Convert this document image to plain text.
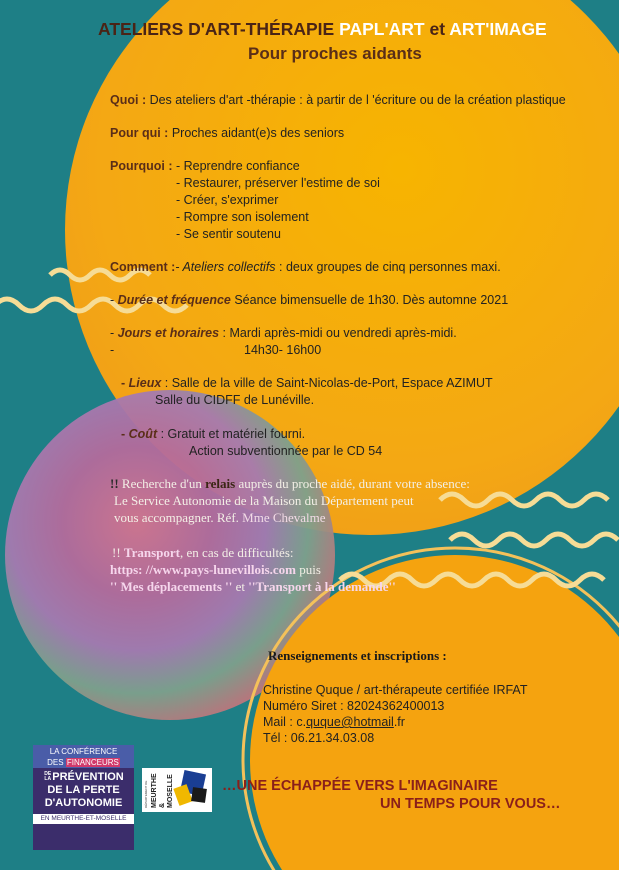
ATELIERS D'ART-THÉRAPIE PAPL'ART et ART'IMAGE
Pour proches aidants
Quoi : Des ateliers d'art -thérapie : à partir de l 'écriture ou de la création plastique
Pour qui : Proches aidant(e)s des seniors
Pourquoi : - Reprendre confiance
- Restaurer, préserver l'estime de soi
- Créer, s'exprimer
- Rompre son isolement
- Se sentir soutenu
Comment :- Ateliers collectifs : deux groupes de cinq personnes maxi.
- Durée et fréquence Séance bimensuelle de 1h30. Dès automne 2021
- Jours et horaires : Mardi après-midi ou vendredi après-midi.
-	14h30- 16h00
- Lieux : Salle de la ville de Saint-Nicolas-de-Port, Espace AZIMUT
Salle du CIDFF de Lunéville.
- Coût : Gratuit et matériel fourni.
Action subventionnée par le CD 54
!! Recherche d'un relais auprès du proche aidé, durant votre absence:
Le Service Autonomie de la Maison du Département peut
vous accompagner. Réf. Mme Chevalme
!! Transport, en cas de difficultés:
https: //www.pays-lunevillois.com puis
'' Mes déplacements '' et ''Transport à la demande''
Renseignements et inscriptions :
Christine Quque / art-thérapeute certifiée IRFAT
Numéro Siret : 82024362400013
Mail : c.quque@hotmail.fr
Tél : 06.21.34.03.08
LA CONFÉRENCE
DES FINANCEURS
DE LAPRÉVENTION
DE LA PERTE
D'AUTONOMIE
EN MEURTHE-ET-MOSELLE
DÉPARTEMENT DE MEURTHE & MOSELLE	…UNE ÉCHAPPÉE VERS L'IMAGINAIRE
UN TEMPS POUR VOUS…
